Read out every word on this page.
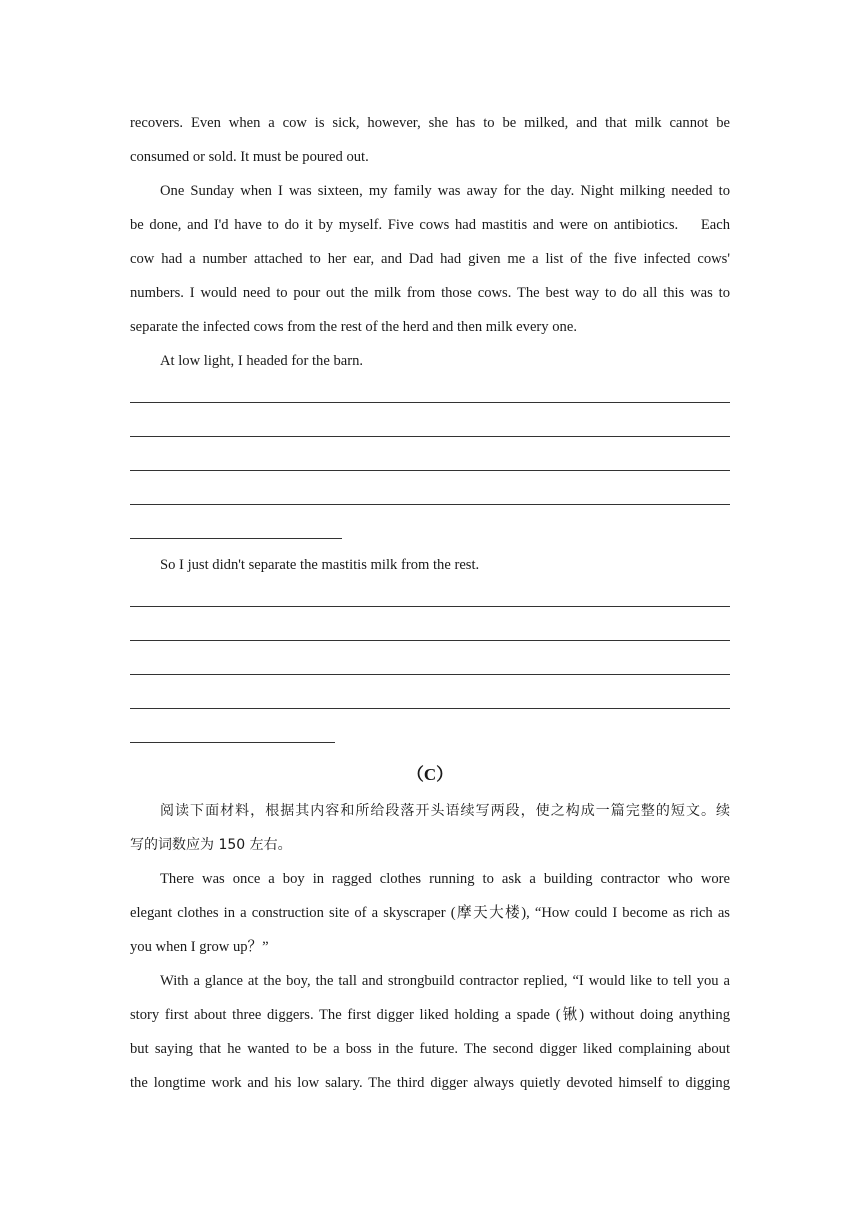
recovers. Even when a cow is sick, however, she has to be milked, and that milk cannot be

consumed or sold. It must be poured out.

One Sunday when I was sixteen, my family was away for the day. Night milking needed to

be done, and I'd have to do it by myself. Five cows had mastitis and were on antibiotics.    Each

cow had a number attached to her ear, and Dad had given me a list of the five infected cows'

numbers. I would need to pour out the milk from those cows. The best way to do all this was to

separate the infected cows from the rest of the herd and then milk every one.

At low light, I headed for the barn.

So I just didn't separate the mastitis milk from the rest.

（C）

阅读下面材料，根据其内容和所给段落开头语续写两段，使之构成一篇完整的短文。续

写的词数应为 150 左右。

There was once a boy in ragged clothes running to ask a building contractor who wore

elegant clothes in a construction site of a skyscraper (摩天大楼), “How could I become as rich as

you when I grow up？”

With a glance at the boy, the tall and strongbuild contractor replied, “I would like to tell you a

story first about three diggers. The first digger liked holding a spade (锹) without doing anything

but saying that he wanted to be a boss in the future. The second digger liked complaining about

the longtime work and his low salary. The third digger always quietly devoted himself to digging
